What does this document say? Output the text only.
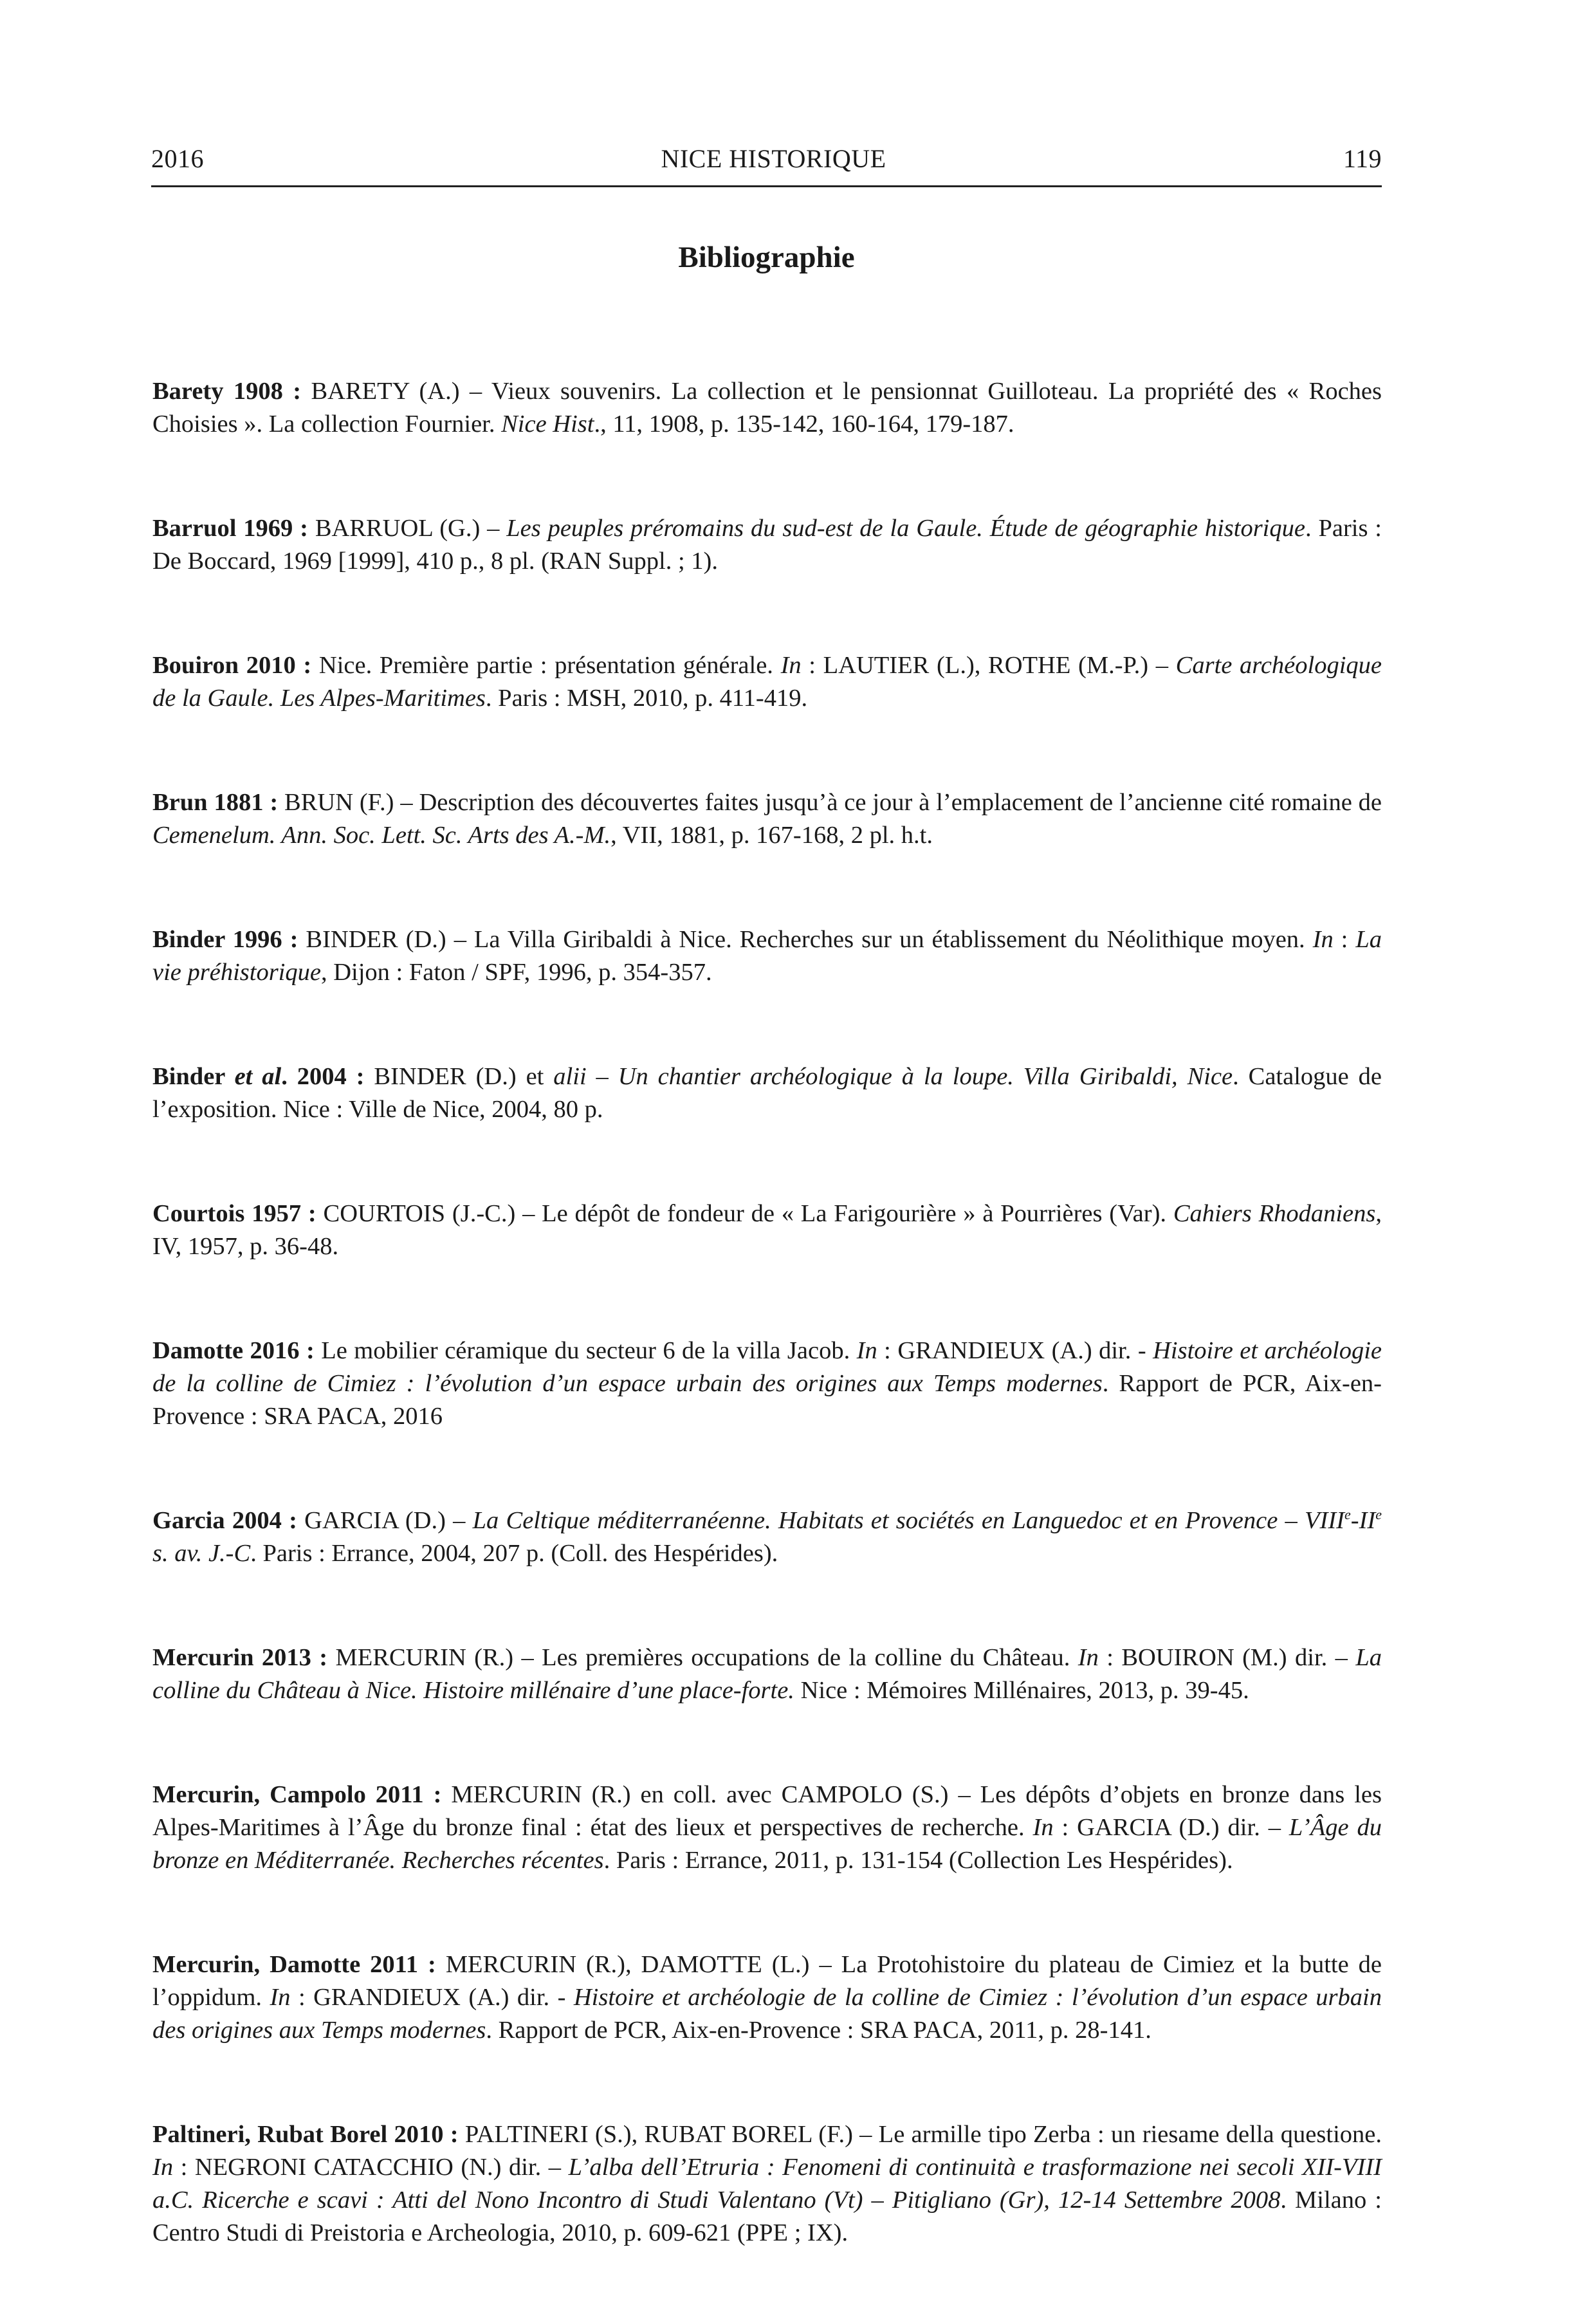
2016	NICE HISTORIQUE	119
Bibliographie

Barety 1908 : BARETY (A.) – Vieux souvenirs. La collection et le pensionnat Guilloteau. La propriété des « Roches Choisies ». La collection Fournier. Nice Hist., 11, 1908, p. 135-142, 160-164, 179-187.

Barruol 1969 : BARRUOL (G.) – Les peuples préromains du sud-est de la Gaule. Étude de géographie historique. Paris : De Boccard, 1969 [1999], 410 p., 8 pl. (RAN Suppl. ; 1).

Bouiron 2010 : Nice. Première partie : présentation générale. In : LAUTIER (L.), ROTHE (M.-P.) – Carte archéologique de la Gaule. Les Alpes-Maritimes. Paris : MSH, 2010, p. 411-419.

Brun 1881 : BRUN (F.) – Description des découvertes faites jusqu’à ce jour à l’emplacement de l’ancienne cité romaine de Cemenelum. Ann. Soc. Lett. Sc. Arts des A.-M., VII, 1881, p. 167-168, 2 pl. h.t.

Binder 1996 : BINDER (D.) – La Villa Giribaldi à Nice. Recherches sur un établissement du Néolithique moyen. In : La vie préhistorique, Dijon : Faton / SPF, 1996, p. 354-357.

Binder et al. 2004 : BINDER (D.) et alii – Un chantier archéologique à la loupe. Villa Giribaldi, Nice. Catalogue de l’exposition. Nice : Ville de Nice, 2004, 80 p.

Courtois 1957 : COURTOIS (J.-C.) – Le dépôt de fondeur de « La Farigourière » à Pourrières (Var). Cahiers Rhodaniens, IV, 1957, p. 36-48.

Damotte 2016 : Le mobilier céramique du secteur 6 de la villa Jacob. In : GRANDIEUX (A.) dir. - Histoire et archéologie de la colline de Cimiez : l’évolution d’un espace urbain des origines aux Temps modernes. Rapport de PCR, Aix-en-Provence : SRA PACA, 2016

Garcia 2004 : GARCIA (D.) – La Celtique méditerranéenne. Habitats et sociétés en Languedoc et en Provence – VIIIe-IIe s. av. J.-C. Paris : Errance, 2004, 207 p. (Coll. des Hespérides).

Mercurin 2013 : MERCURIN (R.) – Les premières occupations de la colline du Château. In : BOUIRON (M.) dir. – La colline du Château à Nice. Histoire millénaire d’une place-forte. Nice : Mémoires Millénaires, 2013, p. 39-45.

Mercurin, Campolo 2011 : MERCURIN (R.) en coll. avec CAMPOLO (S.) – Les dépôts d’objets en bronze dans les Alpes-Maritimes à l’Âge du bronze final : état des lieux et perspectives de recherche. In : GARCIA (D.) dir. – L’Âge du bronze en Méditerranée. Recherches récentes. Paris : Errance, 2011, p. 131-154 (Collection Les Hespérides).

Mercurin, Damotte 2011 : MERCURIN (R.), DAMOTTE (L.) – La Protohistoire du plateau de Cimiez et la butte de l’oppidum. In : GRANDIEUX (A.) dir. - Histoire et archéologie de la colline de Cimiez : l’évolution d’un espace urbain des origines aux Temps modernes. Rapport de PCR, Aix-en-Provence : SRA PACA, 2011, p. 28-141.

Paltineri, Rubat Borel 2010 : PALTINERI (S.), RUBAT BOREL (F.) – Le armille tipo Zerba : un riesame della questione. In : NEGRONI CATACCHIO (N.) dir. – L’alba dell’Etruria : Fenomeni di continuità e trasformazione nei secoli XII-VIII a.C. Ricerche e scavi : Atti del Nono Incontro di Studi Valentano (Vt) – Pitigliano (Gr), 12-14 Settembre 2008. Milano : Centro Studi di Preistoria e Archeologia, 2010, p. 609-621 (PPE ; IX).
